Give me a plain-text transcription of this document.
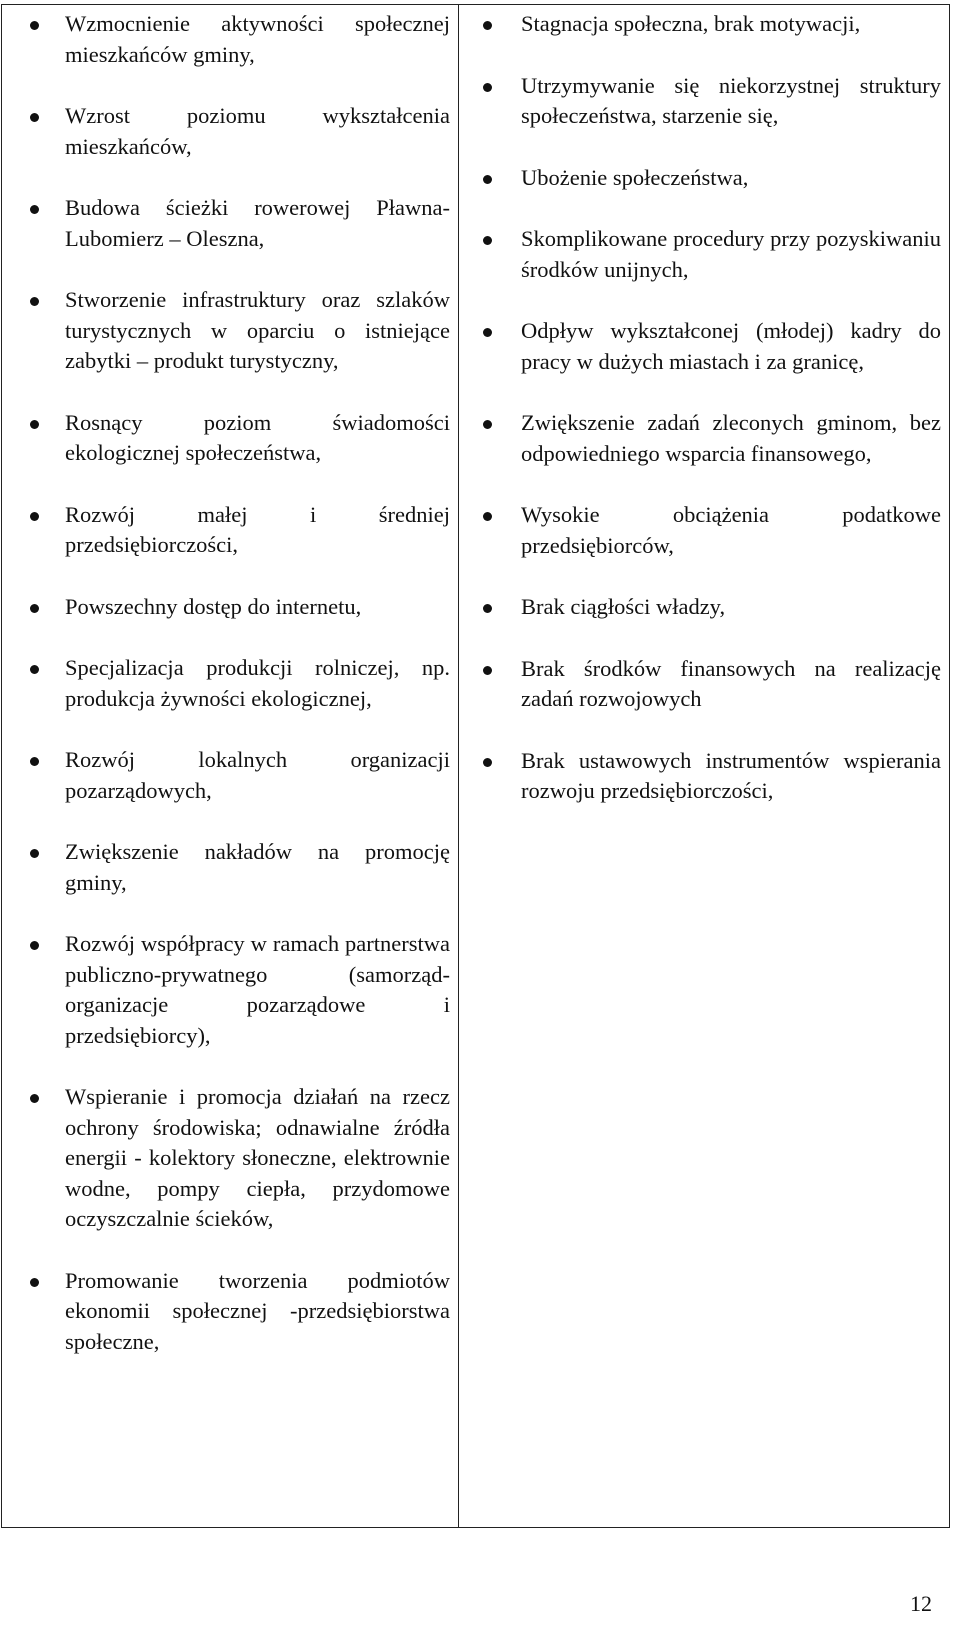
Wzmocnienie aktywności społecznej mieszkańców gminy,
Wzrost poziomu wykształcenia mieszkańców,
Budowa ścieżki rowerowej Pławna-Lubomierz – Oleszna,
Stworzenie infrastruktury oraz szlaków turystycznych w oparciu o istniejące zabytki – produkt turystyczny,
Rosnący poziom świadomości ekologicznej społeczeństwa,
Rozwój małej i średniej przedsiębiorczości,
Powszechny dostęp do internetu,
Specjalizacja produkcji rolniczej, np. produkcja żywności ekologicznej,
Rozwój lokalnych organizacji pozarządowych,
Zwiększenie nakładów na promocję gminy,
Rozwój współpracy w ramach partnerstwa publiczno-prywatnego (samorząd- organizacje pozarządowe i przedsiębiorcy),
Wspieranie i promocja działań na rzecz ochrony środowiska; odnawialne źródła energii - kolektory słoneczne, elektrownie wodne, pompy ciepła, przydomowe oczyszczalnie ścieków,
Promowanie tworzenia podmiotów ekonomii społecznej -przedsiębiorstwa społeczne,
Stagnacja społeczna, brak motywacji,
Utrzymywanie się niekorzystnej struktury społeczeństwa, starzenie się,
Ubożenie społeczeństwa,
Skomplikowane procedury przy pozyskiwaniu środków unijnych,
Odpływ wykształconej (młodej) kadry do pracy w dużych miastach i za granicę,
Zwiększenie zadań zleconych gminom, bez odpowiedniego wsparcia finansowego,
Wysokie obciążenia podatkowe przedsiębiorców,
Brak ciągłości władzy,
Brak środków finansowych na realizację zadań rozwojowych
Brak ustawowych instrumentów wspierania rozwoju przedsiębiorczości,
12
